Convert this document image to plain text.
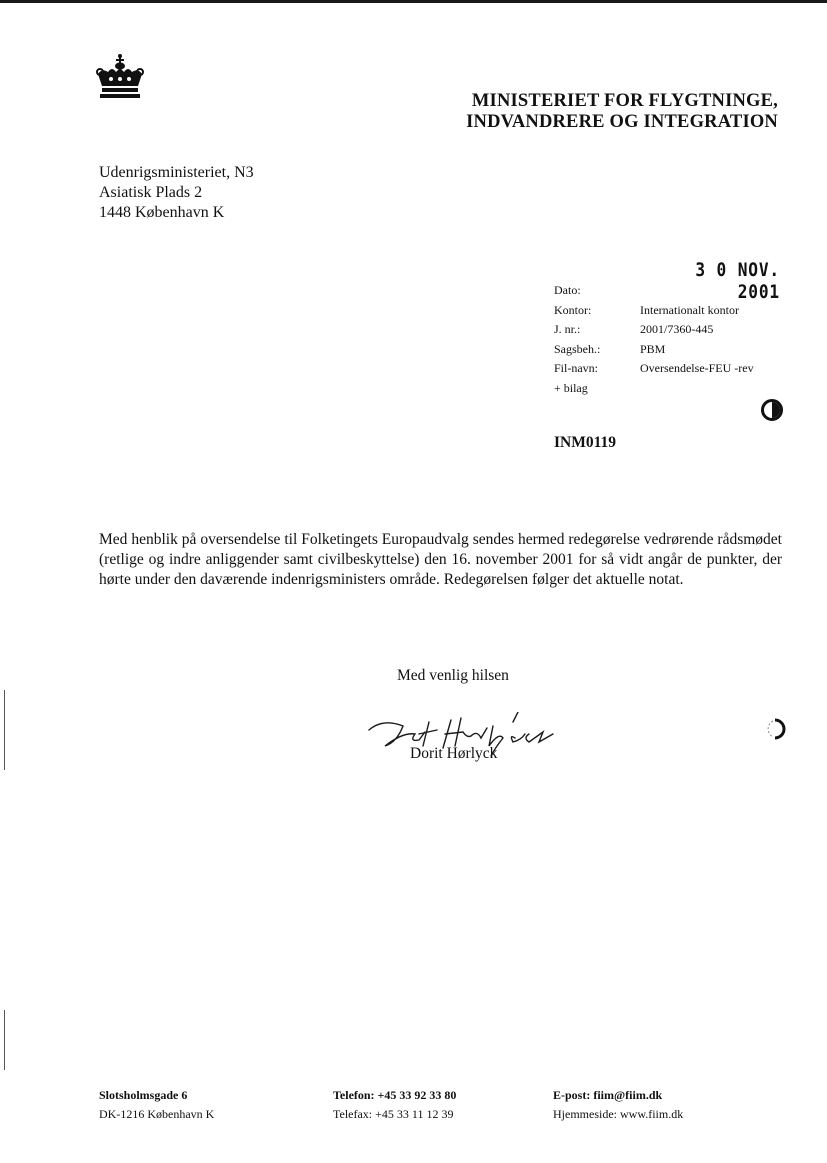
MINISTERIET FOR FLYGTNINGE,
INDVANDRERE OG INTEGRATION
Udenrigsministeriet, N3
Asiatisk Plads 2
1448 København K
3 0 NOV. 2001
Dato:
Kontor:	Internationalt kontor
J. nr.:	2001/7360-445
Sagsbeh.:	PBM
Fil-navn:	Oversendelse-FEU -rev
+ bilag
INM0119
Med henblik på oversendelse til Folketingets Europaudvalg sendes hermed redegørelse vedrørende rådsmødet (retlige og indre anliggender samt civilbeskyttelse) den 16. november 2001 for så vidt angår de punkter, der hørte under den daværende indenrigsministers område. Redegørelsen følger det aktuelle notat.
Med venlig hilsen
Dorit Hørlyck
Slotsholmsgade 6
DK-1216 København K
Telefon: +45 33 92 33 80
Telefax: +45 33 11 12 39
E-post: fiim@fiim.dk
Hjemmeside: www.fiim.dk
